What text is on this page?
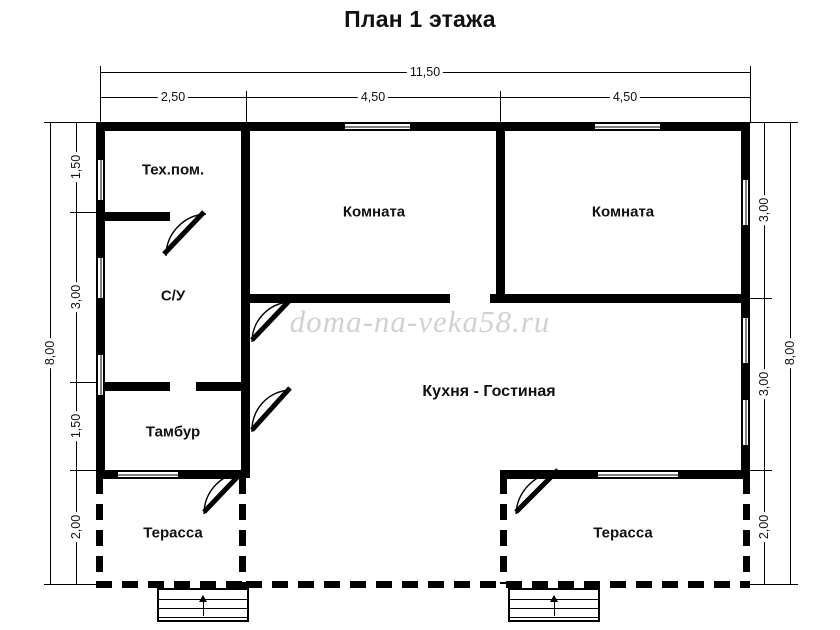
План 1 этажа
11,50
2,50	4,50	4,50
8,00
1,50
3,00
1,50
2,00
8,00
3,00
3,00
2,00
doma-na-veka58.ru
Тех.пом.
С/У
Тамбур
Терасса
Комната	Комната
Кухня - Гостиная
Терасса
